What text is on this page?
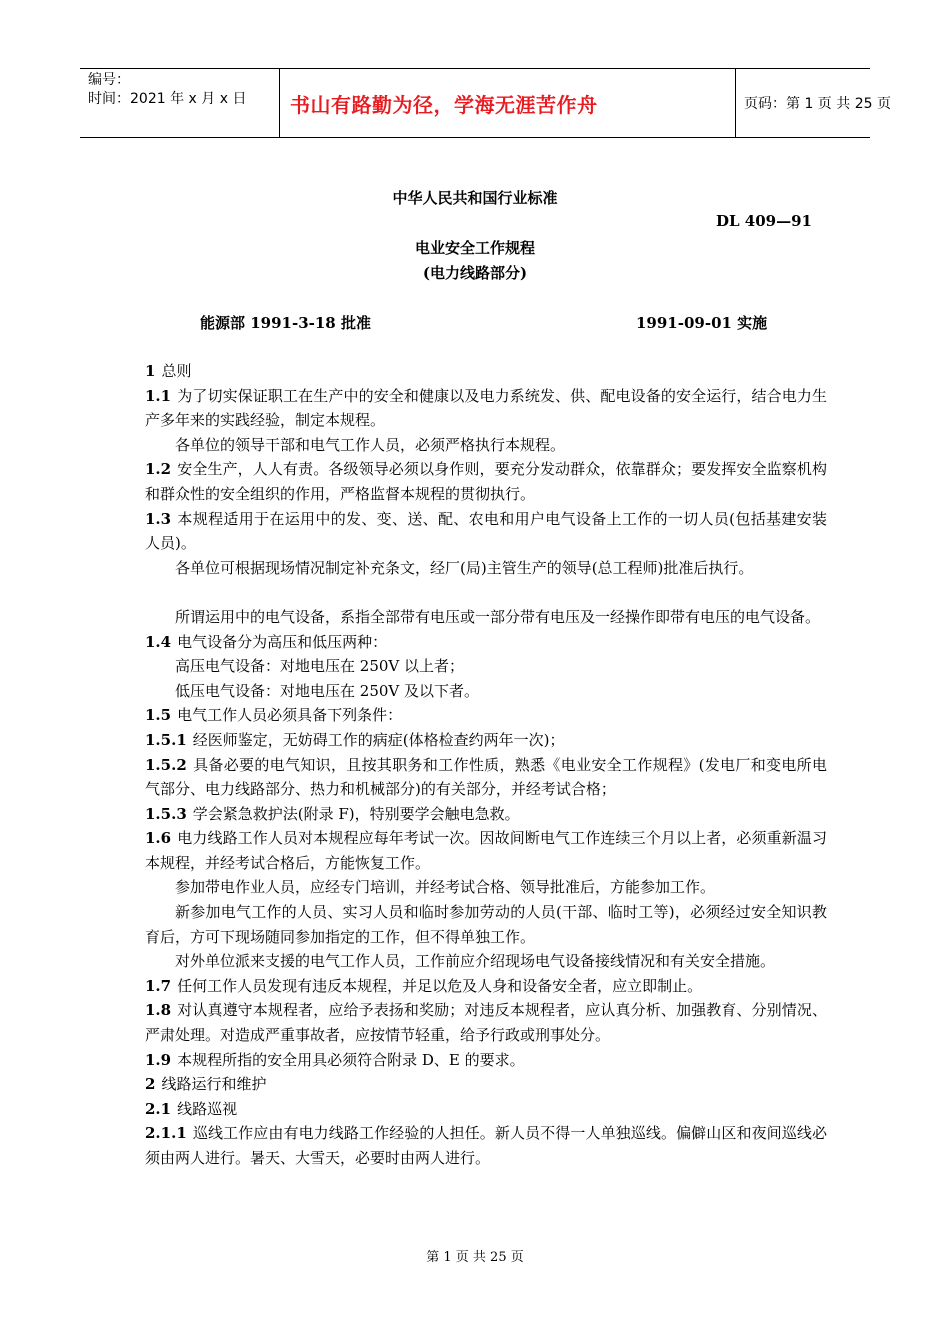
编号：
时间：2021 年 x 月 x 日	书山有路勤为径，学海无涯苦作舟	页码：第 1 页 共 25 页
中华人民共和国行业标准
DL 409—91
电业安全工作规程
(电力线路部分)
能源部 1991-3-18 批准	1991-09-01 实施

1 总则

1.1 为了切实保证职工在生产中的安全和健康以及电力系统发、供、配电设备的安全运行，结合电力生产多年来的实践经验，制定本规程。

各单位的领导干部和电气工作人员，必须严格执行本规程。

1.2 安全生产，人人有责。各级领导必须以身作则，要充分发动群众，依靠群众；要发挥安全监察机构和群众性的安全组织的作用，严格监督本规程的贯彻执行。

1.3 本规程适用于在运用中的发、变、送、配、农电和用户电气设备上工作的一切人员(包括基建安装人员)。

各单位可根据现场情况制定补充条文，经厂(局)主管生产的领导(总工程师)批准后执行。

所谓运用中的电气设备，系指全部带有电压或一部分带有电压及一经操作即带有电压的电气设备。

1.4 电气设备分为高压和低压两种：

高压电气设备：对地电压在 250V 以上者；

低压电气设备：对地电压在 250V 及以下者。

1.5 电气工作人员必须具备下列条件：

1.5.1 经医师鉴定，无妨碍工作的病症(体格检查约两年一次)；

1.5.2 具备必要的电气知识，且按其职务和工作性质，熟悉《电业安全工作规程》(发电厂和变电所电气部分、电力线路部分、热力和机械部分)的有关部分，并经考试合格；

1.5.3 学会紧急救护法(附录 F)，特别要学会触电急救。

1.6 电力线路工作人员对本规程应每年考试一次。因故间断电气工作连续三个月以上者，必须重新温习本规程，并经考试合格后，方能恢复工作。

参加带电作业人员，应经专门培训，并经考试合格、领导批准后，方能参加工作。

新参加电气工作的人员、实习人员和临时参加劳动的人员(干部、临时工等)，必须经过安全知识教育后，方可下现场随同参加指定的工作，但不得单独工作。

对外单位派来支援的电气工作人员，工作前应介绍现场电气设备接线情况和有关安全措施。

1.7 任何工作人员发现有违反本规程，并足以危及人身和设备安全者，应立即制止。

1.8 对认真遵守本规程者，应给予表扬和奖励；对违反本规程者，应认真分析、加强教育、分别情况、严肃处理。对造成严重事故者，应按情节轻重，给予行政或刑事处分。

1.9 本规程所指的安全用具必须符合附录 D、E 的要求。

2 线路运行和维护

2.1 线路巡视

2.1.1 巡线工作应由有电力线路工作经验的人担任。新人员不得一人单独巡线。偏僻山区和夜间巡线必须由两人进行。暑天、大雪天，必要时由两人进行。

第 1 页 共 25 页
